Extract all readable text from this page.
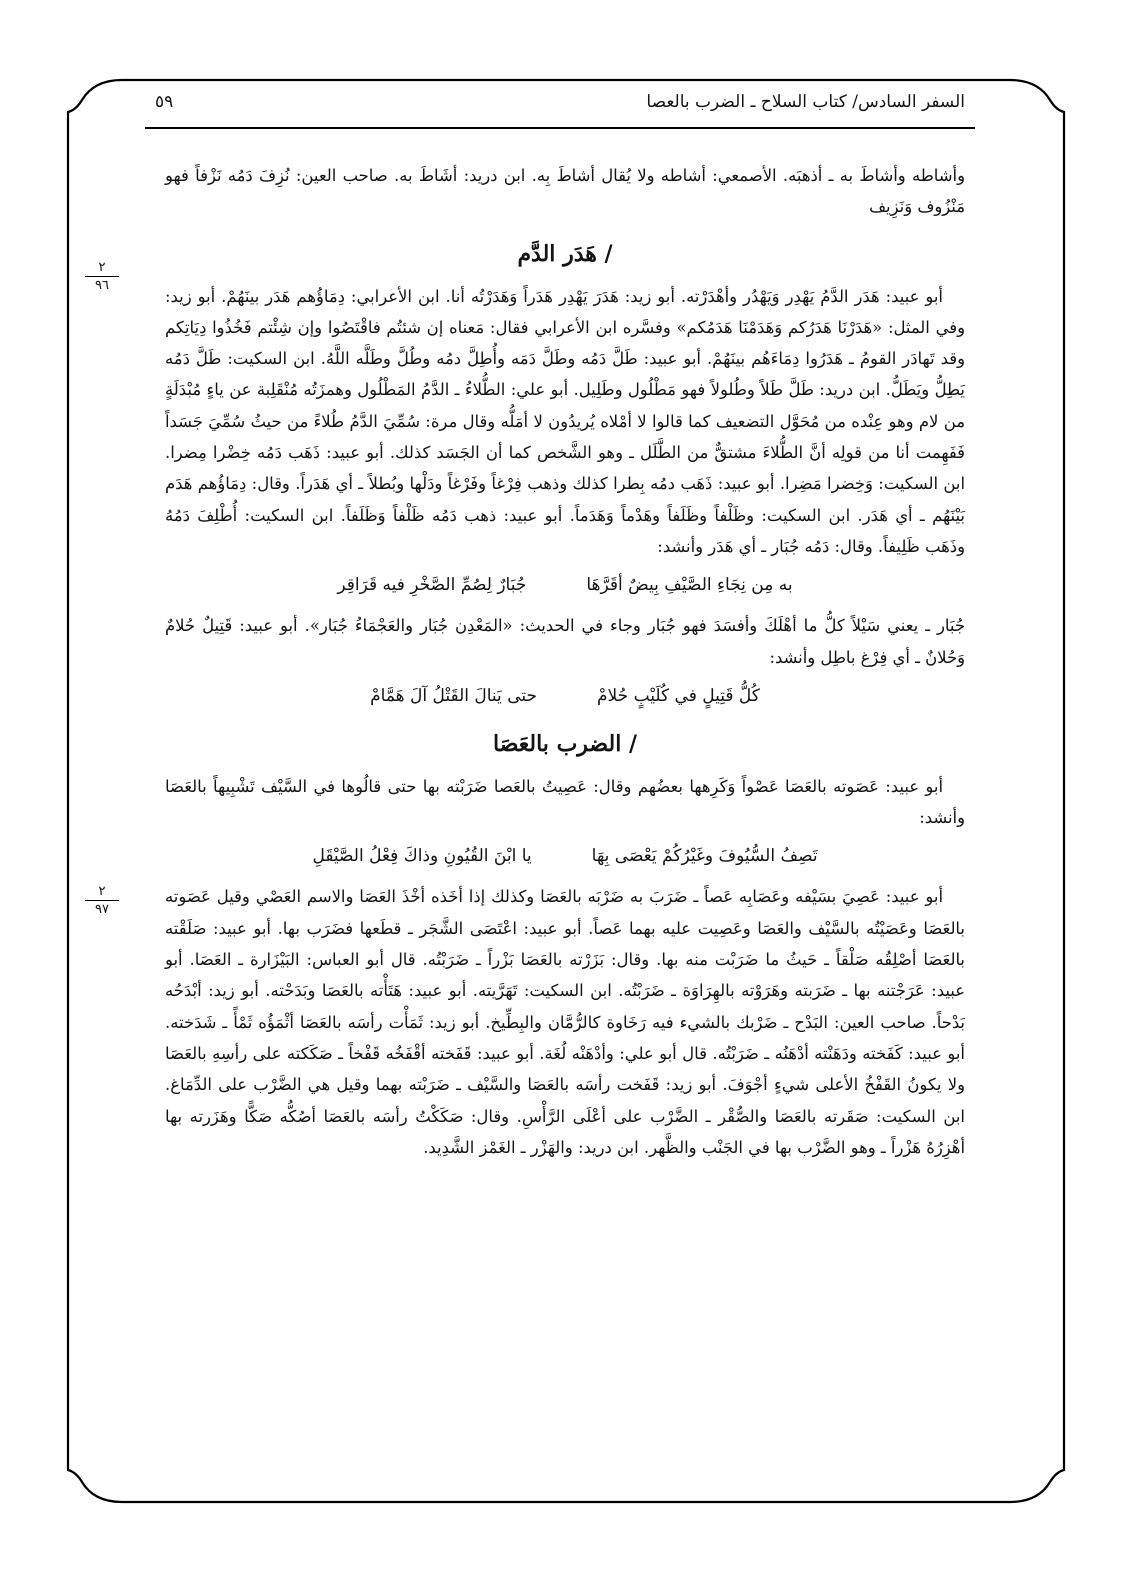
السفر السادس/ كتاب السلاح ـ الضرب بالعصا
٥٩
٢
٩٦
٢
٩٧

وأشاطه وأشاطَ به ـ أذهبَه. الأصمعي: أشاطه ولا يُقال أشاطَ بِه. ابن دريد: أشَاطَ به. صاحب العين: نُزِفَ دَمُه نَزْفاً فهو مَنْزُوف وَنَزِيف

/ هَدَر الدَّم

أبو عبيد: هَدَر الدَّمُ يَهْدِر وَيَهْدُر وأهْدَرْته. أبو زيد: هَدَرَ يَهْدِر هَدَراً وَهَدَرْتُه أنا. ابن الأعرابي: دِمَاؤُهم هَدَر بينَهُمْ. أبو زيد: وفي المثل: «هَدَرْنَا هَدَرُكم وَهَدَمْنَا هَدَمُكم» وفسَّره ابن الأعرابي فقال: مَعناه إن شئتُم فاقْتَصُوا وإن شِئْتم فَخُذُوا دِيَاتِكم وقد تَهادَر القومُ ـ هَدَرُوا دِمَاءَهُم بينَهُمْ. أبو عبيد: طَلَّ دَمُه وطَلَّ دَمَه وأُطِلَّ دمُه وطُلَّ وطَلَّه اللَّهُ. ابن السكيت: طَلَّ دَمُه يَطِلُّ ويَطَلُّ. ابن دريد: طَلَّ طَلاً وطُلولاً فهو مَطْلُول وطَلِيل. أبو علي: الطُّلاءُ ـ الدَّمُ المَطْلُول وهمزَتُه مُنْقَلِبة عن ياءٍ مُبْدَلَةٍ من لام وهو عِنْده من مُحَوَّل التضعيف كما قالوا لا أمْلاه يُريدُون لا أمَلُّه وقال مرة: سُمِّيَ الدَّمُ طُلاءً من حيثُ سُمِّيَ جَسَداً فَفَهِمت أنا من قولِه أنَّ الطُّلاءَ مشتقٌّ من الطَّلَل ـ وهو الشَّخص كما أن الجَسَد كذلك. أبو عبيد: ذَهَب دَمُه خِضْرا مِضرا. ابن السكيت: وَخِضرا مَضِرا. أبو عبيد: ذَهَب دمُه بِطرا كذلك وذهب فِرْغاً وفَرْغاً ودَلْها وبُطلاً ـ أي هَدَراً. وقال: دِمَاؤُهم هَدَم بَيْنَهُم ـ أي هَدَر. ابن السكيت: وظَلْفاً وظَلَفاً وهَدْماً وَهَدَماً. أبو عبيد: ذهب دَمُه ظَلْفاً وَظَلَفاً. ابن السكيت: أُطْلِفَ دَمُهُ وذَهَب ظَلِيفاً. وقال: دَمُه جُبَار ـ أي هَدَر وأنشد:

به مِن نِجَاءِ الصَّيْفِ بِيضٌ أقَرَّهَا
جُبَارٌ لِصُمِّ الصَّخْرِ فيه قَرَاقِر

جُبَار ـ يعني سَيْلاً كلُّ ما أهْلَكَ وأفسَدَ فهو جُبَار وجاء في الحديث: «المَعْدِن جُبَار والعَجْمَاءُ جُبَار». أبو عبيد: قَتِيلٌ حُلامٌ وَحُلانٌ ـ أي فِرْغ باطِل وأنشد:

كُلُّ قَتِيلٍ في كُلَيْبٍ حُلامْ
حتى يَنالَ القَتْلُ آلَ هَمَّامْ
/ الضرب بالعَصَا

أبو عبيد: عَصَوته بالعَصَا عَصْواً وَكَرِهها بعضُهم وقال: عَصِيتُ بالعَصا ضَرَبْته بها حتى قالُوها في السَّيْف تَشْبِيهاً بالعَصَا وأنشد:

تَصِفُ السُّيُوفَ وغَيْرُكُمْ يَعْصَى بِهَا
يا ابْنَ القُيُونِ وذاكَ فِعْلُ الصَّيْقَلِ

أبو عبيد: عَصِيَ بسَيْفه وعَصَابِه عَصاً ـ ضَرَبَ به ضَرْبَه بالعَصَا وكذلك إذا أخَذه أخْذَ العَصَا والاسم العَصْي وقيل عَصَوته بالعَصَا وعَصَيْتُه بالسَّيْف والعَصَا وعَصِيت عليه بهما عَصاً. أبو عبيد: اعْتَصَى الشَّجَر ـ قطَعها فضَرَب بها. أبو عبيد: صَلَقْته بالعَصَا أصْلِقُه صَلْقاً ـ حَيثُ ما ضَرَبْت منه بها. وقال: بَزَرْته بالعَصَا بَزْراً ـ ضَرَبْتُه. قال أبو العباس: البَيْزَارة ـ العَصَا. أبو عبيد: عَرَجْتنه بها ـ ضَرَبته وهَرَوْته بالهِرَاوَة ـ ضَرَبْتُه. ابن السكيت: تَهَرَّيته. أبو عبيد: هَتَأْته بالعَصَا وبَدَحْته. أبو زيد: أبْدَحُه بَدْحاً. صاحب العين: البَدْح ـ ضَرْبك بالشيء فيه رَخَاوة كالرُّمَّان والبِطِّيخ. أبو زيد: ثَمَأْت رأسَه بالعَصَا أثْمَؤُه ثَمْأً ـ شَدَخته. أبو عبيد: كَفَخته ودَهَنْته أدْهَنُه ـ ضَرَبْتُه. قال أبو علي: وأدْهَنْه لُغَة. أبو عبيد: قَفَخته أقْفَخُه قَفْخاً ـ صَكَكته على رأسِهِ بالعَصَا ولا يكونُ القَفْخُ الأعلى شيءٍ أجْوَفَ. أبو زيد: قَفَخت رأسَه بالعَصَا والسَّيْف ـ ضَرَبْته بهما وقيل هي الضَّرْب على الدِّمَاغ. ابن السكيت: صَقَرته بالعَصَا والصُّقْر ـ الضَّرْب على أعْلَى الرَّأْسِ. وقال: صَكَكْتُ رأسَه بالعَصَا أصُكُّه صَكًّا وهَزَرته بها أهْزِرُهُ هَزْراً ـ وهو الضَّرْب بها في الجَنْب والظَّهر. ابن دريد: والهَزْر ـ الغَمْز الشَّدِيد.
